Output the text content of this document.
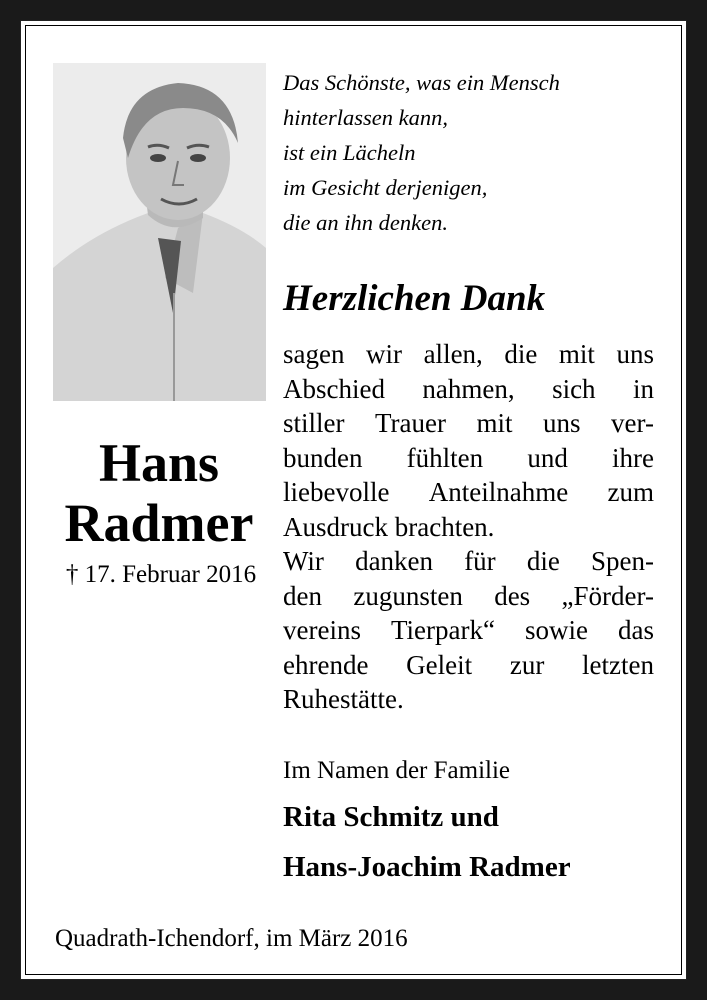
Hans
Radmer
† 17. Februar 2016
Das Schönste, was ein Mensch
hinterlassen kann,
ist ein Lächeln
im Gesicht derjenigen,
die an ihn denken.
Herzlichen Dank
sagen wir allen, die mit uns
Abschied nahmen, sich in
stiller Trauer mit uns ver-
bunden fühlten und ihre
liebevolle Anteilnahme zum
Ausdruck brachten.
Wir danken für die Spen-
den zugunsten des „Förder-
vereins Tierpark“ sowie das
ehrende Geleit zur letzten
Ruhestätte.
Im Namen der Familie
Rita Schmitz und
Hans-Joachim Radmer
Quadrath-Ichendorf, im März 2016
